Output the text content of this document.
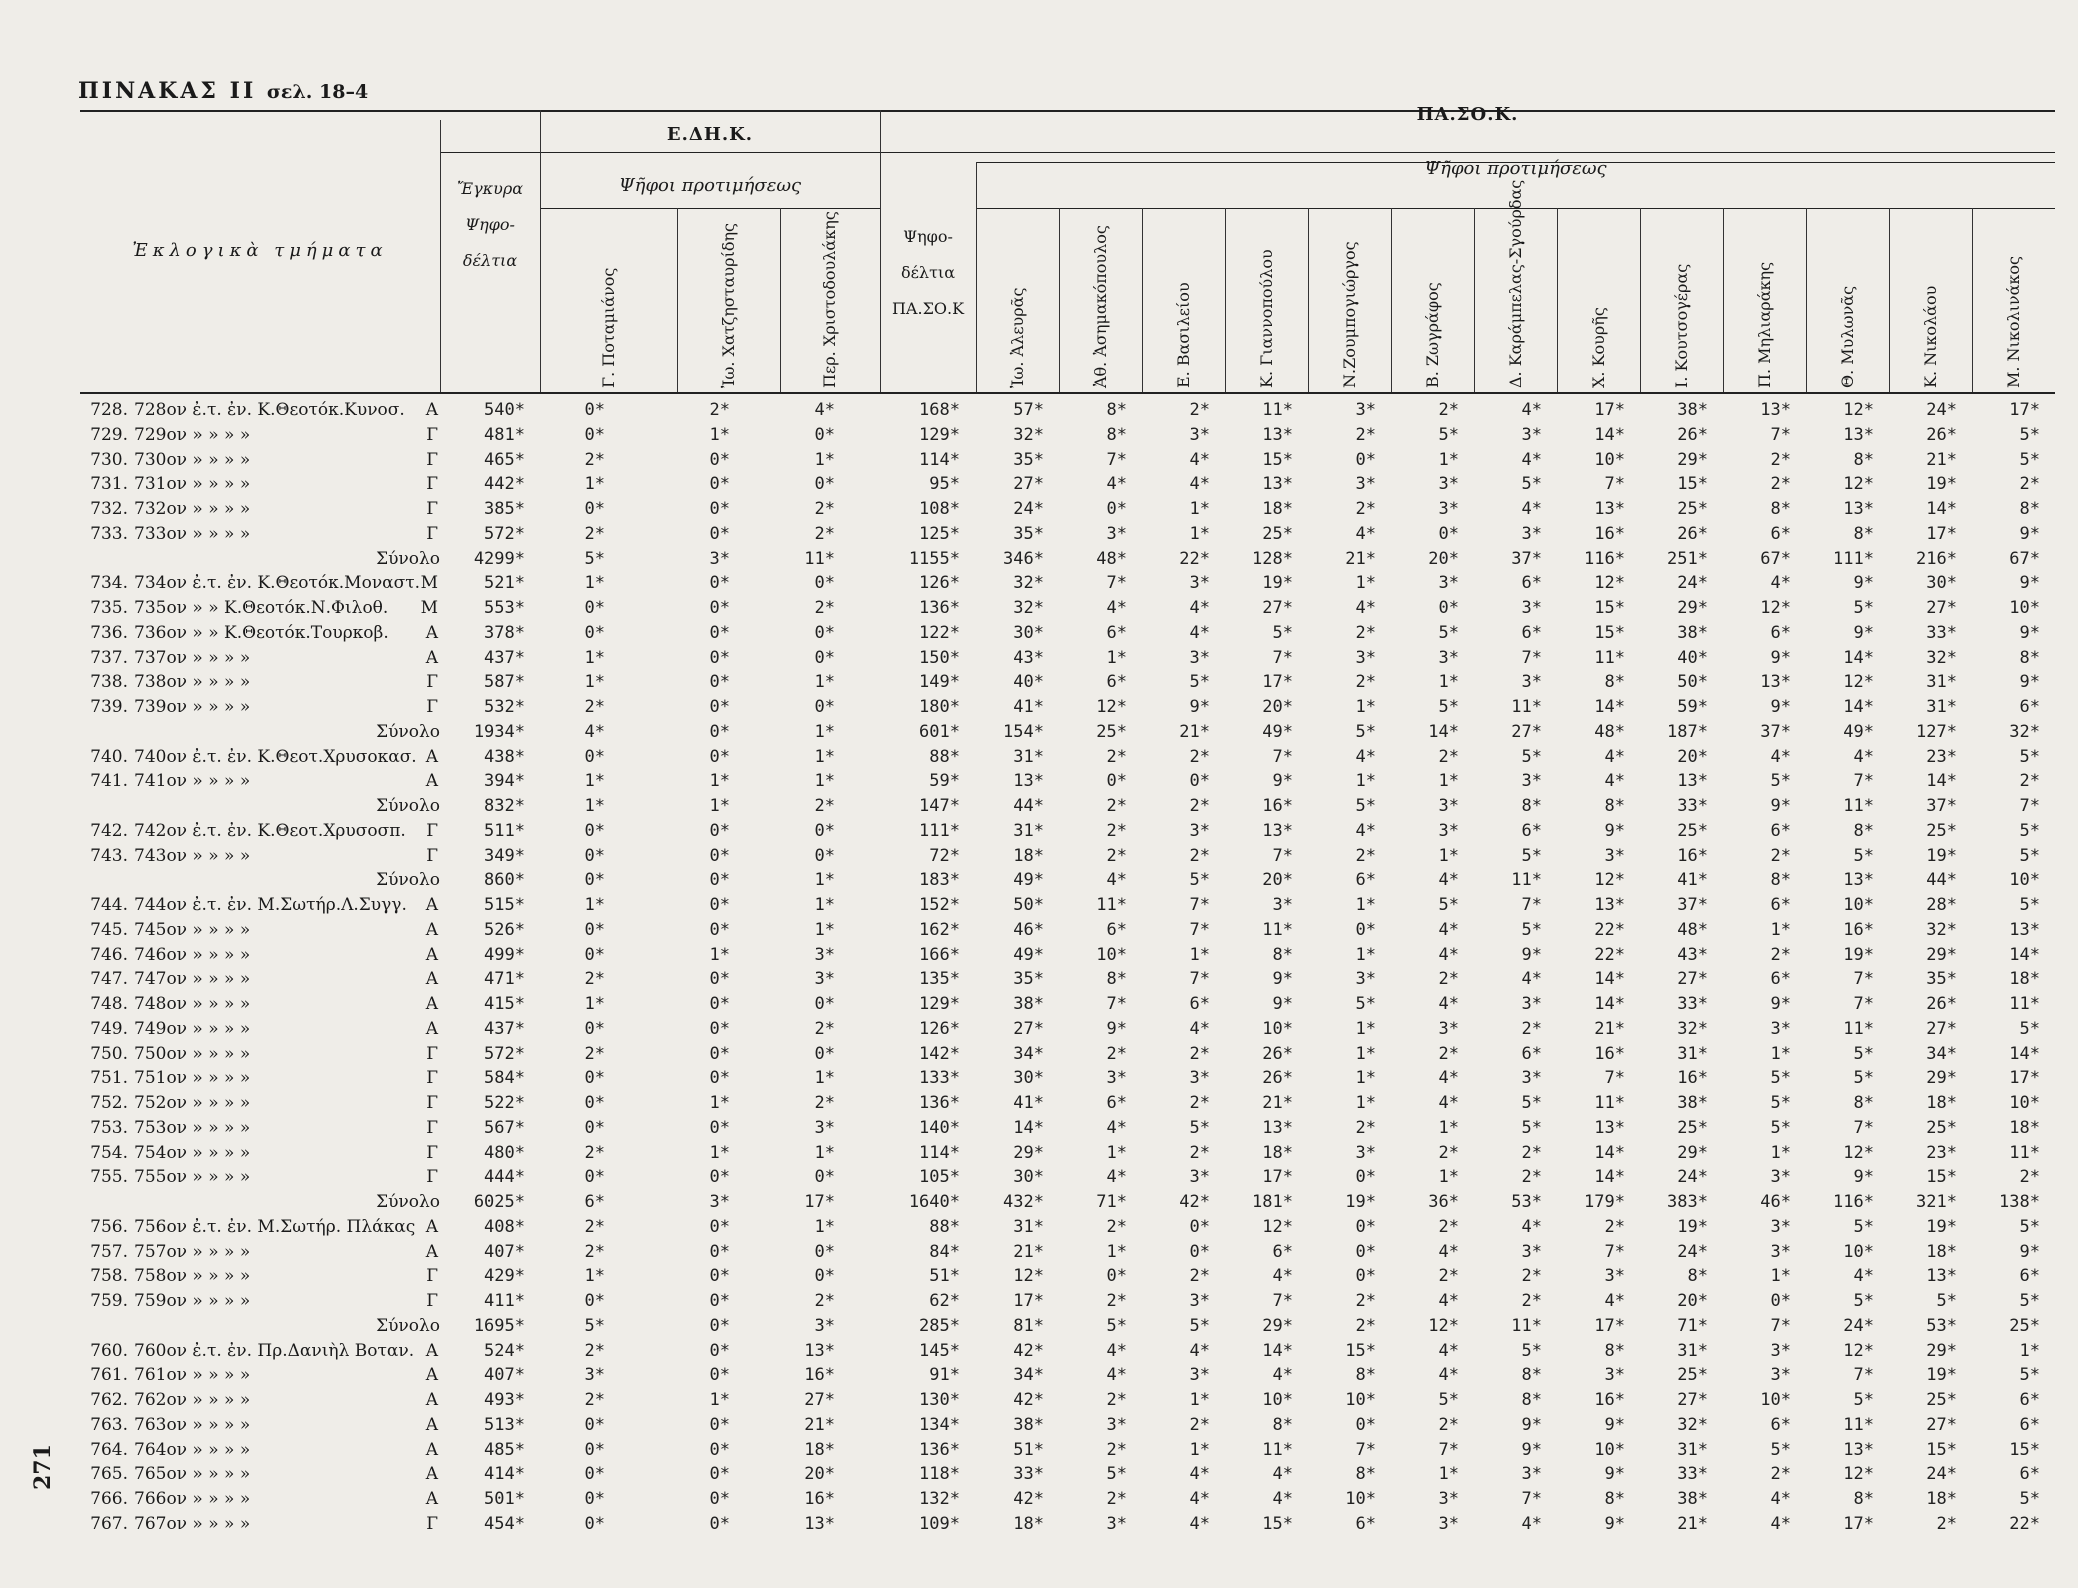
ΠΙΝΑΚΑΣ ΙΙ σελ. 18–4
271
Ἐκλογικὰ τμήματα
Ἔγκυρα
Ψηφο-
δέλτια
Ε.ΔΗ.Κ.
Ψῆφοι προτιμήσεως
Ψηφο-
δέλτια
ΠΑ.ΣΟ.Κ
ΠΑ.ΣΟ.Κ.
Ψῆφοι προτιμήσεως
Γ. Ποταμιάνος	Ἰω. Χατζησταυρίδης	Περ. Χριστοδουλάκης	Ἰω. Ἀλευρᾶς	Ἀθ. Ἀσημακόπουλος	Ε. Βασιλείου	Κ. Γιαννοπούλου	Ν.Ζουμπογιώργος	Β. Ζωγράφος	Δ. Καράμπελας-Σγούρδας	Χ. Κουρῆς	Ι. Κουτσογέρας	Π. Μηλιαράκης	Θ. Μυλωνᾶς	Κ. Νικολάου	Μ. Νικολινάκος
728. 728ον ἐ.τ. ἐν. Κ.Θεοτόκ.Κυνοσ. Α	540*	0*	2*	4*	168*	57*	8*	2*	11*	3*	2*	4*	17*	38*	13*	12*	24*	17*
729. 729ον » » » »	Γ	481*	0*	1*	0*	129*	32*	8*	3*	13*	2*	5*	3*	14*	26*	7*	13*	26*	5*
730. 730ον » » » »	Γ	465*	2*	0*	1*	114*	35*	7*	4*	15*	0*	1*	4*	10*	29*	2*	8*	21*	5*
731. 731ον » » » »	Γ	442*	1*	0*	0*	95*	27*	4*	4*	13*	3*	3*	5*	7*	15*	2*	12*	19*	2*
732. 732ον » » » »	Γ	385*	0*	0*	2*	108*	24*	0*	1*	18*	2*	3*	4*	13*	25*	8*	13*	14*	8*
733. 733ον » » » »	Γ	572*	2*	0*	2*	125*	35*	3*	1*	25*	4*	0*	3*	16*	26*	6*	8*	17*	9*
Σύνολο	4299*	5*	3*	11*	1155*	346*	48*	22*	128*	21*	20*	37*	116*	251*	67*	111*	216*	67*
734. 734ον ἐ.τ. ἐν. Κ.Θεοτόκ.Μοναστ. Μ	521*	1*	0*	0*	126*	32*	7*	3*	19*	1*	3*	6*	12*	24*	4*	9*	30*	9*
735. 735ον » » Κ.Θεοτόκ.Ν.Φιλοθ. Μ	553*	0*	0*	2*	136*	32*	4*	4*	27*	4*	0*	3*	15*	29*	12*	5*	27*	10*
736. 736ον » » Κ.Θεοτόκ.Τουρκοβ. Α	378*	0*	0*	0*	122*	30*	6*	4*	5*	2*	5*	6*	15*	38*	6*	9*	33*	9*
737. 737ον » » » »	Α	437*	1*	0*	0*	150*	43*	1*	3*	7*	3*	3*	7*	11*	40*	9*	14*	32*	8*
738. 738ον » » » »	Γ	587*	1*	0*	1*	149*	40*	6*	5*	17*	2*	1*	3*	8*	50*	13*	12*	31*	9*
739. 739ον » » » »	Γ	532*	2*	0*	0*	180*	41*	12*	9*	20*	1*	5*	11*	14*	59*	9*	14*	31*	6*
Σύνολο	1934*	4*	0*	1*	601*	154*	25*	21*	49*	5*	14*	27*	48*	187*	37*	49*	127*	32*
740. 740ον ἐ.τ. ἐν. Κ.Θεοτ.Χρυσοκασ. Α	438*	0*	0*	1*	88*	31*	2*	2*	7*	4*	2*	5*	4*	20*	4*	4*	23*	5*
741. 741ον » » » »	Α	394*	1*	1*	1*	59*	13*	0*	0*	9*	1*	1*	3*	4*	13*	5*	7*	14*	2*
Σύνολο	832*	1*	1*	2*	147*	44*	2*	2*	16*	5*	3*	8*	8*	33*	9*	11*	37*	7*
742. 742ον ἐ.τ. ἐν. Κ.Θεοτ.Χρυσοσπ. Γ	511*	0*	0*	0*	111*	31*	2*	3*	13*	4*	3*	6*	9*	25*	6*	8*	25*	5*
743. 743ον » » » »	Γ	349*	0*	0*	0*	72*	18*	2*	2*	7*	2*	1*	5*	3*	16*	2*	5*	19*	5*
Σύνολο	860*	0*	0*	1*	183*	49*	4*	5*	20*	6*	4*	11*	12*	41*	8*	13*	44*	10*
744. 744ον ἐ.τ. ἐν. Μ.Σωτήρ.Λ.Συγγ. Α	515*	1*	0*	1*	152*	50*	11*	7*	3*	1*	5*	7*	13*	37*	6*	10*	28*	5*
745. 745ον » » » »	Α	526*	0*	0*	1*	162*	46*	6*	7*	11*	0*	4*	5*	22*	48*	1*	16*	32*	13*
746. 746ον » » » »	Α	499*	0*	1*	3*	166*	49*	10*	1*	8*	1*	4*	9*	22*	43*	2*	19*	29*	14*
747. 747ον » » » »	Α	471*	2*	0*	3*	135*	35*	8*	7*	9*	3*	2*	4*	14*	27*	6*	7*	35*	18*
748. 748ον » » » »	Α	415*	1*	0*	0*	129*	38*	7*	6*	9*	5*	4*	3*	14*	33*	9*	7*	26*	11*
749. 749ον » » » »	Α	437*	0*	0*	2*	126*	27*	9*	4*	10*	1*	3*	2*	21*	32*	3*	11*	27*	5*
750. 750ον » » » »	Γ	572*	2*	0*	0*	142*	34*	2*	2*	26*	1*	2*	6*	16*	31*	1*	5*	34*	14*
751. 751ον » » » »	Γ	584*	0*	0*	1*	133*	30*	3*	3*	26*	1*	4*	3*	7*	16*	5*	5*	29*	17*
752. 752ον » » » »	Γ	522*	0*	1*	2*	136*	41*	6*	2*	21*	1*	4*	5*	11*	38*	5*	8*	18*	10*
753. 753ον » » » »	Γ	567*	0*	0*	3*	140*	14*	4*	5*	13*	2*	1*	5*	13*	25*	5*	7*	25*	18*
754. 754ον » » » »	Γ	480*	2*	1*	1*	114*	29*	1*	2*	18*	3*	2*	2*	14*	29*	1*	12*	23*	11*
755. 755ον » » » »	Γ	444*	0*	0*	0*	105*	30*	4*	3*	17*	0*	1*	2*	14*	24*	3*	9*	15*	2*
Σύνολο	6025*	6*	3*	17*	1640*	432*	71*	42*	181*	19*	36*	53*	179*	383*	46*	116*	321*	138*
756. 756ον ἐ.τ. ἐν. Μ.Σωτήρ. Πλάκας Α	408*	2*	0*	1*	88*	31*	2*	0*	12*	0*	2*	4*	2*	19*	3*	5*	19*	5*
757. 757ον » » » »	Α	407*	2*	0*	0*	84*	21*	1*	0*	6*	0*	4*	3*	7*	24*	3*	10*	18*	9*
758. 758ον » » » »	Γ	429*	1*	0*	0*	51*	12*	0*	2*	4*	0*	2*	2*	3*	8*	1*	4*	13*	6*
759. 759ον » » » »	Γ	411*	0*	0*	2*	62*	17*	2*	3*	7*	2*	4*	2*	4*	20*	0*	5*	5*	5*
Σύνολο	1695*	5*	0*	3*	285*	81*	5*	5*	29*	2*	12*	11*	17*	71*	7*	24*	53*	25*
760. 760ον ἐ.τ. ἐν. Πρ.Δανιὴλ Βοταν. Α	524*	2*	0*	13*	145*	42*	4*	4*	14*	15*	4*	5*	8*	31*	3*	12*	29*	1*
761. 761ον » » » »	Α	407*	3*	0*	16*	91*	34*	4*	3*	4*	8*	4*	8*	3*	25*	3*	7*	19*	5*
762. 762ον » » » »	Α	493*	2*	1*	27*	130*	42*	2*	1*	10*	10*	5*	8*	16*	27*	10*	5*	25*	6*
763. 763ον » » » »	Α	513*	0*	0*	21*	134*	38*	3*	2*	8*	0*	2*	9*	9*	32*	6*	11*	27*	6*
764. 764ον » » » »	Α	485*	0*	0*	18*	136*	51*	2*	1*	11*	7*	7*	9*	10*	31*	5*	13*	15*	15*
765. 765ον » » » »	Α	414*	0*	0*	20*	118*	33*	5*	4*	4*	8*	1*	3*	9*	33*	2*	12*	24*	6*
766. 766ον » » » »	Α	501*	0*	0*	16*	132*	42*	2*	4*	4*	10*	3*	7*	8*	38*	4*	8*	18*	5*
767. 767ον » » » »	Γ	454*	0*	0*	13*	109*	18*	3*	4*	15*	6*	3*	4*	9*	21*	4*	17*	2*	22*
